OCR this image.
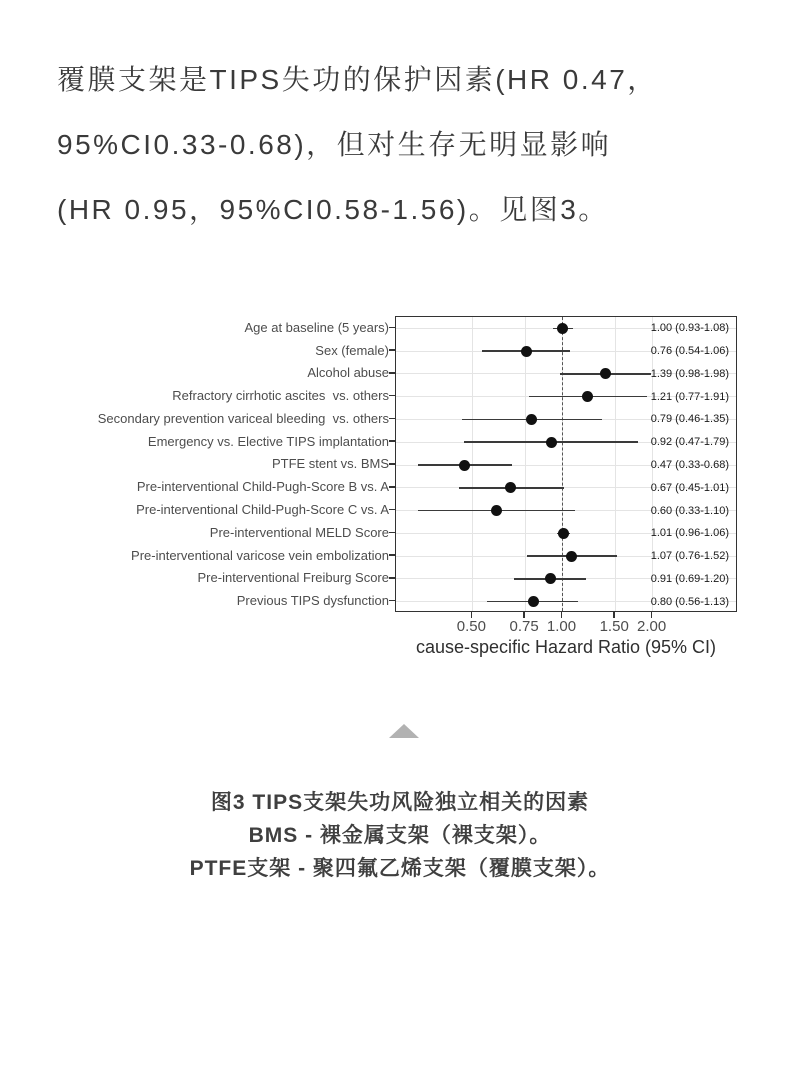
覆膜支架是TIPS失功的保护因素(HR 0.47，
95%CI0.33-0.68)，但对生存无明显影响
(HR 0.95，95%CI0.58-1.56)。见图3。
Age at baseline (5 years)
Sex (female)
Alcohol abuse
Refractory cirrhotic ascites  vs. others
Secondary prevention variceal bleeding  vs. others
Emergency vs. Elective TIPS implantation
PTFE stent vs. BMS
Pre-interventional Child-Pugh-Score B vs. A
Pre-interventional Child-Pugh-Score C vs. A
Pre-interventional MELD Score
Pre-interventional varicose vein embolization
Pre-interventional Freiburg Score
Previous TIPS dysfunction
1.00 (0.93-1.08)
0.76 (0.54-1.06)
1.39 (0.98-1.98)
1.21 (0.77-1.91)
0.79 (0.46-1.35)
0.92 (0.47-1.79)
0.47 (0.33-0.68)
0.67 (0.45-1.01)
0.60 (0.33-1.10)
1.01 (0.96-1.06)
1.07 (0.76-1.52)
0.91 (0.69-1.20)
0.80 (0.56-1.13)
0.50	0.75 1.00	1.50 2.00
cause-specific Hazard Ratio (95% CI)
图3 TIPS支架失功风险独立相关的因素
BMS - 裸金属支架（裸支架）。
PTFE支架 - 聚四氟乙烯支架（覆膜支架）。
